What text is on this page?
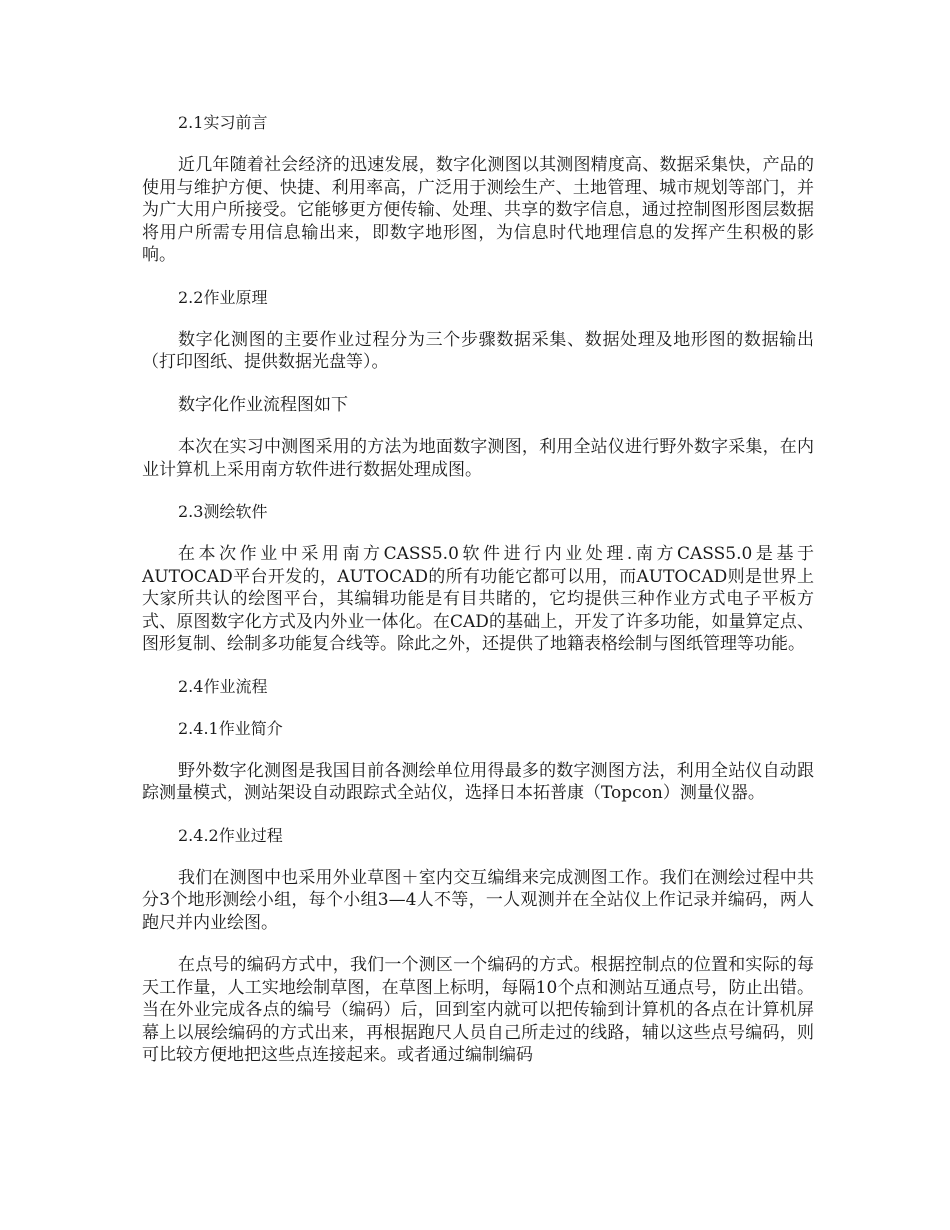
2.1实习前言

近几年随着社会经济的迅速发展，数字化测图以其测图精度高、数据采集快，产品的使用与维护方便、快捷、利用率高，广泛用于测绘生产、土地管理、城市规划等部门，并为广大用户所接受。它能够更方便传输、处理、共享的数字信息，通过控制图形图层数据将用户所需专用信息输出来，即数字地形图，为信息时代地理信息的发挥产生积极的影响。

2.2作业原理

数字化测图的主要作业过程分为三个步骤数据采集、数据处理及地形图的数据输出（打印图纸、提供数据光盘等）。

数字化作业流程图如下

本次在实习中测图采用的方法为地面数字测图，利用全站仪进行野外数字采集，在内业计算机上采用南方软件进行数据处理成图。

2.3测绘软件

在本次作业中采用南方CASS5.0软件进行内业处理.南方CASS5.0是基于AUTOCAD平台开发的，AUTOCAD的所有功能它都可以用，而AUTOCAD则是世界上大家所共认的绘图平台，其编辑功能是有目共睹的，它均提供三种作业方式电子平板方式、原图数字化方式及内外业一体化。在CAD的基础上，开发了许多功能，如量算定点、图形复制、绘制多功能复合线等。除此之外，还提供了地籍表格绘制与图纸管理等功能。

2.4作业流程

2.4.1作业简介

野外数字化测图是我国目前各测绘单位用得最多的数字测图方法，利用全站仪自动跟踪测量模式，测站架设自动跟踪式全站仪，选择日本拓普康（Topcon）测量仪器。

2.4.2作业过程

我们在测图中也采用外业草图＋室内交互编缉来完成测图工作。我们在测绘过程中共分3个地形测绘小组，每个小组3—4人不等，一人观测并在全站仪上作记录并编码，两人跑尺并内业绘图。

在点号的编码方式中，我们一个测区一个编码的方式。根据控制点的位置和实际的每天工作量，人工实地绘制草图，在草图上标明，每隔10个点和测站互通点号，防止出错。当在外业完成各点的编号（编码）后，回到室内就可以把传输到计算机的各点在计算机屏幕上以展绘编码的方式出来，再根据跑尺人员自己所走过的线路，辅以这些点号编码，则可比较方便地把这些点连接起来。或者通过编制编码
